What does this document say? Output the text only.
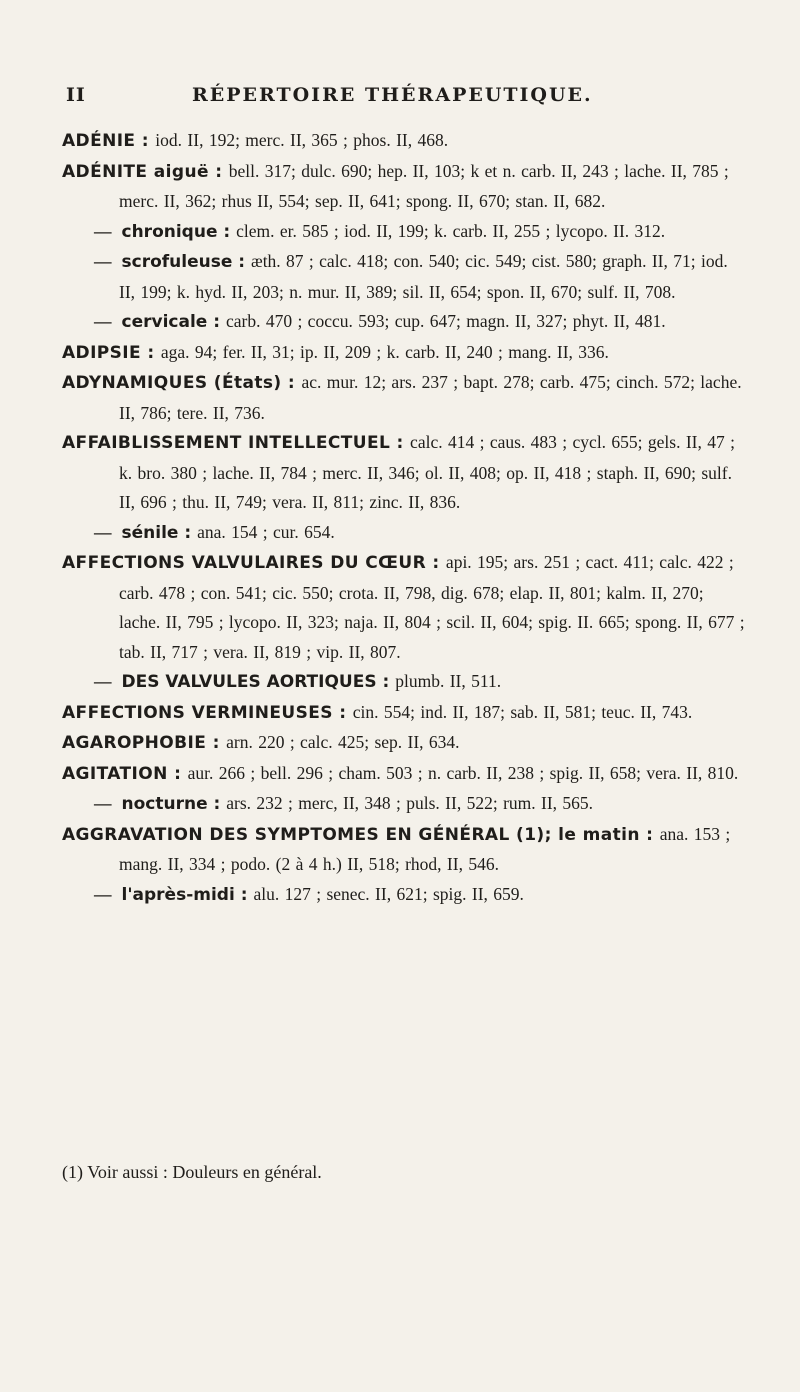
II	RÉPERTOIRE THÉRAPEUTIQUE.
ADÉNIE : iod. II, 192; merc. II, 365 ; phos. II, 468.
ADÉNITE aiguë : bell. 317; dulc. 690; hep. II, 103; k et n. carb. II, 243 ; lache. II, 785 ; merc. II, 362; rhus II, 554; sep. II, 641; spong. II, 670; stan. II, 682.
— chronique : clem. er. 585 ; iod. II, 199; k. carb. II, 255 ; lycopo. II. 312.
— scrofuleuse : æth. 87 ; calc. 418; con. 540; cic. 549; cist. 580; graph. II, 71; iod. II, 199; k. hyd. II, 203; n. mur. II, 389; sil. II, 654; spon. II, 670; sulf. II, 708.
— cervicale : carb. 470 ; coccu. 593; cup. 647; magn. II, 327; phyt. II, 481.
ADIPSIE : aga. 94; fer. II, 31; ip. II, 209 ; k. carb. II, 240 ; mang. II, 336.
ADYNAMIQUES (États) : ac. mur. 12; ars. 237 ; bapt. 278; carb. 475; cinch. 572; lache. II, 786; tere. II, 736.
AFFAIBLISSEMENT INTELLECTUEL : calc. 414 ; caus. 483 ; cycl. 655; gels. II, 47 ; k. bro. 380 ; lache. II, 784 ; merc. II, 346; ol. II, 408; op. II, 418 ; staph. II, 690; sulf. II, 696 ; thu. II, 749; vera. II, 811; zinc. II, 836.
— sénile : ana. 154 ; cur. 654.
AFFECTIONS VALVULAIRES DU CŒUR : api. 195; ars. 251 ; cact. 411; calc. 422 ; carb. 478 ; con. 541; cic. 550; crota. II, 798, dig. 678; elap. II, 801; kalm. II, 270; lache. II, 795 ; lycopo. II, 323; naja. II, 804 ; scil. II, 604; spig. II. 665; spong. II, 677 ; tab. II, 717 ; vera. II, 819 ; vip. II, 807.
— DES VALVULES AORTIQUES : plumb. II, 511.
AFFECTIONS VERMINEUSES : cin. 554; ind. II, 187; sab. II, 581; teuc. II, 743.
AGAROPHOBIE : arn. 220 ; calc. 425; sep. II, 634.
AGITATION : aur. 266 ; bell. 296 ; cham. 503 ; n. carb. II, 238 ; spig. II, 658; vera. II, 810.
— nocturne : ars. 232 ; merc, II, 348 ; puls. II, 522; rum. II, 565.
AGGRAVATION DES SYMPTOMES EN GÉNÉRAL (1); le matin : ana. 153 ; mang. II, 334 ; podo. (2 à 4 h.) II, 518; rhod, II, 546.
— l'après-midi : alu. 127 ; senec. II, 621; spig. II, 659.
(1) Voir aussi : Douleurs en général.
